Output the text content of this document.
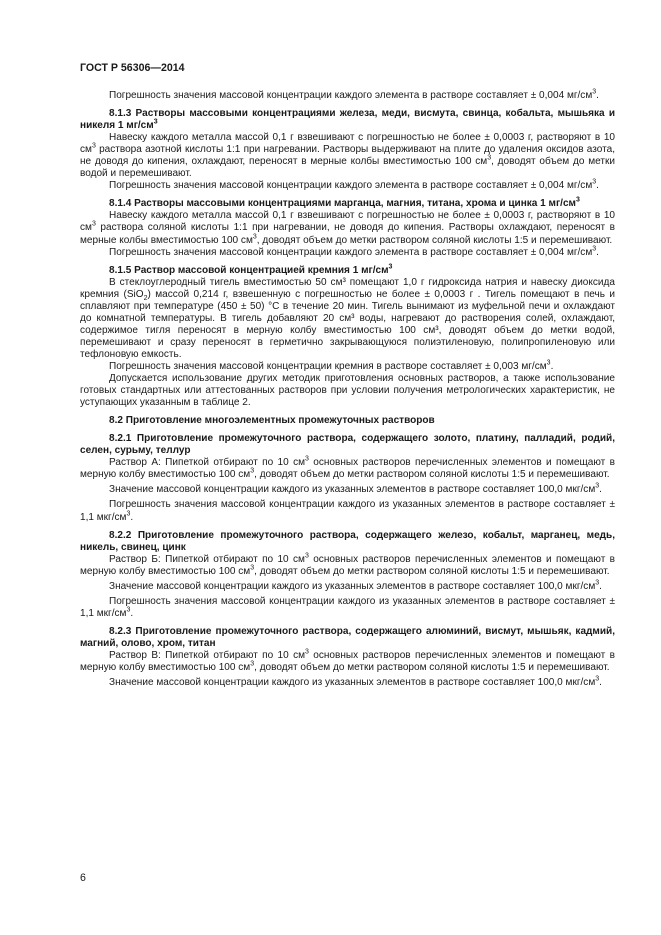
ГОСТ Р 56306—2014

Погрешность значения массовой концентрации каждого элемента в растворе составляет ± 0,004 $мг/см^3$.

8.1.3 Растворы массовыми концентрациями железа, меди, висмута, свинца, кобальта, мышьяка и никеля 1 $мг/см^3$

Навеску каждого металла массой 0,1 г взвешивают с погрешностью не более ± 0,0003 г, растворяют в 10 $см^3$ раствора азотной кислоты 1:1 при нагревании. Растворы выдерживают на плите до удаления оксидов азота, не доводя до кипения, охлаждают, переносят в мерные колбы вместимостью 100 $см^3$, доводят объем до метки водой и перемешивают.

Погрешность значения массовой концентрации каждого элемента в растворе составляет ± 0,004 $мг/см^3$.

8.1.4 Растворы массовыми концентрациями марганца, магния, титана, хрома и цинка 1 $мг/см^3$

Навеску каждого металла массой 0,1 г взвешивают с погрешностью не более ± 0,0003 г, растворяют в 10 $см^3$ раствора соляной кислоты 1:1 при нагревании, не доводя до кипения. Растворы охлаждают, переносят в мерные колбы вместимостью 100 $см^3$, доводят объем до метки раствором соляной кислоты 1:5 и перемешивают.

Погрешность значения массовой концентрации каждого элемента в растворе составляет ± 0,004 $мг/см^3$.

8.1.5 Раствор массовой концентрацией кремния 1 $мг/см^3$

В стеклоуглеродный тигель вместимостью 50 см³ помещают 1,0 г гидроксида натрия и навеску диоксида кремния (SiO$_2$) массой 0,214 г, взвешенную с погрешностью не более ± 0,0003 г . Тигель помещают в печь и сплавляют при температуре (450 ± 50) °С в течение 20 мин. Тигель вынимают из муфельной печи и охлаждают до комнатной температуры. В тигель добавляют 20 см³ воды, нагревают до растворения солей, охлаждают, содержимое тигля переносят в мерную колбу вместимостью 100 см³, доводят объем до метки водой, перемешивают и сразу переносят в герметично закрывающуюся полиэтиленовую, полипропиленовую или тефлоновую емкость.

Погрешность значения массовой концентрации кремния в растворе составляет ± 0,003 $мг/см^3$.

Допускается использование других методик приготовления основных растворов, а также использование готовых стандартных или аттестованных растворов при условии получения метрологических характеристик, не уступающих указанным в таблице 2.

8.2 Приготовление многоэлементных промежуточных растворов

8.2.1 Приготовление промежуточного раствора, содержащего золото, платину, палладий, родий, селен, сурьму, теллур

Раствор А: Пипеткой отбирают по 10 $см^3$ основных растворов перечисленных элементов и помещают в мерную колбу вместимостью 100 $см^3$, доводят объем до метки раствором соляной кислоты 1:5 и перемешивают.

Значение массовой концентрации каждого из указанных элементов в растворе составляет 100,0 мкг/$см^3$.

Погрешность значения массовой концентрации каждого из указанных элементов в растворе составляет ± 1,1 мкг/$см^3$.

8.2.2 Приготовление промежуточного раствора, содержащего железо, кобальт, марганец, медь, никель, свинец, цинк

Раствор Б: Пипеткой отбирают по 10 $см^3$ основных растворов перечисленных элементов и помещают в мерную колбу вместимостью 100 $см^3$, доводят объем до метки раствором соляной кислоты 1:5 и перемешивают.

Значение массовой концентрации каждого из указанных элементов в растворе составляет 100,0 мкг/$см^3$.

Погрешность значения массовой концентрации каждого из указанных элементов в растворе составляет ± 1,1 мкг/$см^3$.

8.2.3 Приготовление промежуточного раствора, содержащего алюминий, висмут, мышьяк, кадмий, магний, олово, хром, титан

Раствор В: Пипеткой отбирают по 10 $см^3$ основных растворов перечисленных элементов и помещают в мерную колбу вместимостью 100 $см^3$, доводят объем до метки раствором соляной кислоты 1:5 и перемешивают.

Значение массовой концентрации каждого из указанных элементов в растворе составляет 100,0 мкг/$см^3$.

6
